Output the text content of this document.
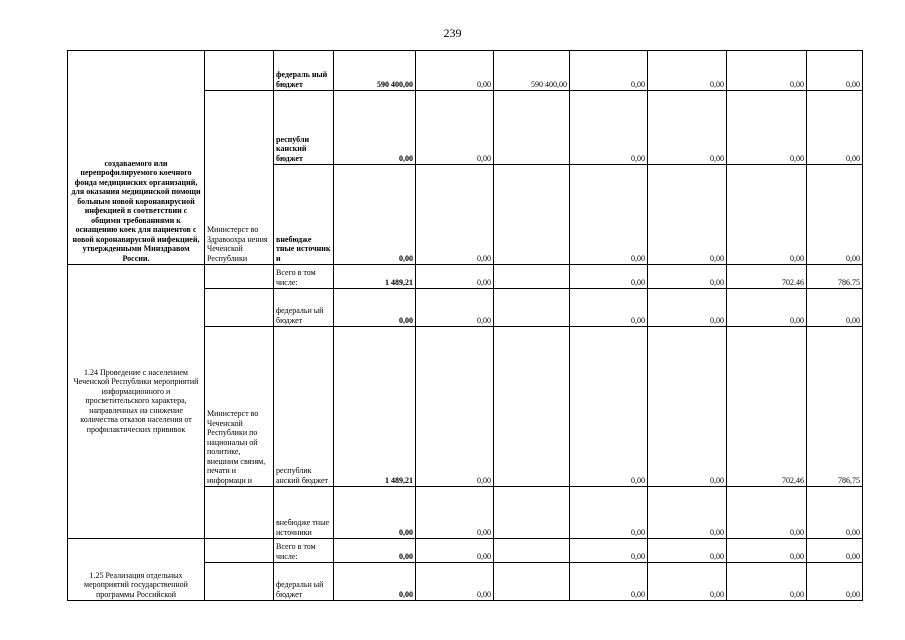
239
создаваемого или перепрофилируемого коечного фонда медицинских организаций, для оказания медицинской помощи больным новой коронавирусной инфекцией в соответствии с общими требованиями к оснащению коек для пациентов с новой коронавирусной инфекцией, утвержденными Минздравом России.		федераль ный бюджет	590 400,00	0,00	590 400,00	0,00	0,00	0,00	0,00
	Министерст во Здравоохра нения Чеченской Республики	республи канский бюджет	0,00	0,00		0,00	0,00	0,00	0,00
		внебюдже тные источник и	0,00	0,00		0,00	0,00	0,00	0,00
1.24 Проведение с населением Чеченской Республики мероприятий информационного и просветительского характера, направленных на снижение количества отказов населения от профилактических прививок		Всего в том числе:	1 489,21	0,00		0,00	0,00	702.46	786.75
		федеральн ый бюджет	0,00	0,00		0,00	0,00	0,00	0,00
	Министерст во Чеченской Республики по национальн ой политике, внешним связям, печати и информаци и	республик анский бюджет	1 489,21	0,00		0,00	0,00	702,46	786,75
		внебюдже тные источники	0,00	0,00		0,00	0,00	0,00	0,00
1.25 Реализация отдельных мероприятий государственной программы Российской		Всего в том числе:	0,00	0,00		0,00	0,00	0,00	0,00
		федеральн ый бюджет	0,00	0,00		0,00	0,00	0,00	0,00
